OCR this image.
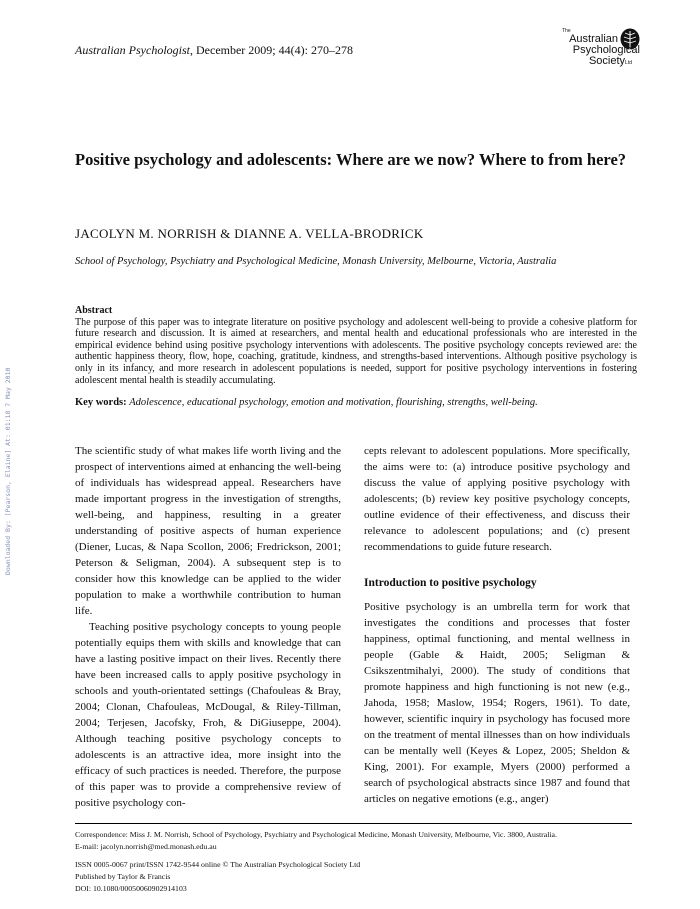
Downloaded By: [Pearson, Elaine] At: 01:18 7 May 2010
Australian Psychologist, December 2009; 44(4): 270–278
The
Australian
Psychological
SocietyLtd
Positive psychology and adolescents: Where are we now? Where to from here?
JACOLYN M. NORRISH & DIANNE A. VELLA-BRODRICK
School of Psychology, Psychiatry and Psychological Medicine, Monash University, Melbourne, Victoria, Australia
Abstract
The purpose of this paper was to integrate literature on positive psychology and adolescent well-being to provide a cohesive platform for future research and discussion. It is aimed at researchers, and mental health and educational professionals who are interested in the empirical evidence behind using positive psychology interventions with adolescents. The positive psychology concepts reviewed are: the authentic happiness theory, flow, hope, coaching, gratitude, kindness, and strengths-based interventions. Although positive psychology is only in its infancy, and more research in adolescent populations is needed, support for positive psychology interventions in fostering adolescent mental health is steadily accumulating.
Key words: Adolescence, educational psychology, emotion and motivation, flourishing, strengths, well-being.

The scientific study of what makes life worth living and the prospect of interventions aimed at enhancing the well-being of individuals has widespread appeal. Researchers have made important progress in the investigation of strengths, well-being, and happiness, resulting in a greater understanding of positive aspects of human experience (Diener, Lucas, & Napa Scollon, 2006; Fredrickson, 2001; Peterson & Seligman, 2004). A subsequent step is to consider how this knowledge can be applied to the wider population to make a worthwhile contribution to human life.

Teaching positive psychology concepts to young people potentially equips them with skills and knowledge that can have a lasting positive impact on their lives. Recently there have been increased calls to apply positive psychology in schools and youth-orientated settings (Chafouleas & Bray, 2004; Clonan, Chafouleas, McDougal, & Riley-Tillman, 2004; Terjesen, Jacofsky, Froh, & DiGiuseppe, 2004). Although teaching positive psychology concepts to adolescents is an attractive idea, more insight into the efficacy of such practices is needed. Therefore, the purpose of this paper was to provide a comprehensive review of positive psychology con-

cepts relevant to adolescent populations. More specifically, the aims were to: (a) introduce positive psychology and discuss the value of applying positive psychology with adolescents; (b) review key positive psychology concepts, outline evidence of their effectiveness, and discuss their relevance to adolescent populations; and (c) present recommendations to guide future research.

Introduction to positive psychology

Positive psychology is an umbrella term for work that investigates the conditions and processes that foster happiness, optimal functioning, and mental wellness in people (Gable & Haidt, 2005; Seligman & Csikszentmihalyi, 2000). The study of conditions that promote happiness and high functioning is not new (e.g., Jahoda, 1958; Maslow, 1954; Rogers, 1961). To date, however, scientific inquiry in psychology has focused more on the treatment of mental illnesses than on how individuals can be mentally well (Keyes & Lopez, 2005; Sheldon & King, 2001). For example, Myers (2000) performed a search of psychological abstracts since 1987 and found that articles on negative emotions (e.g., anger)

Correspondence: Miss J. M. Norrish, School of Psychology, Psychiatry and Psychological Medicine, Monash University, Melbourne, Vic. 3800, Australia.
E-mail: jacolyn.norrish@med.monash.edu.au
ISSN 0005-0067 print/ISSN 1742-9544 online © The Australian Psychological Society Ltd
Published by Taylor & Francis
DOI: 10.1080/00050060902914103
